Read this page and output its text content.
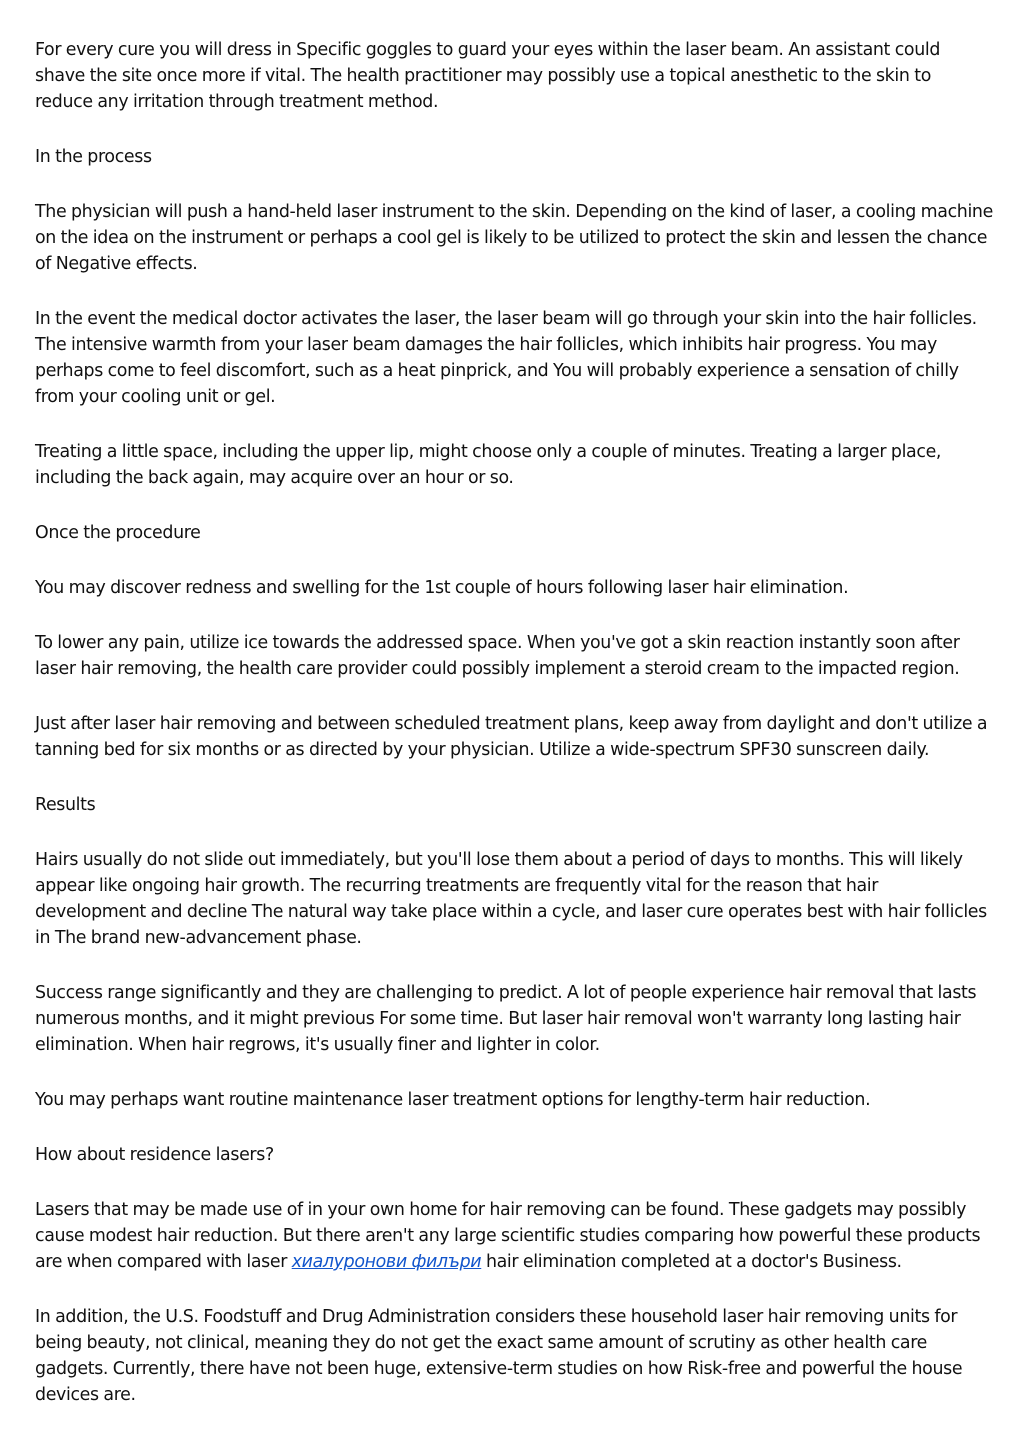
For every cure you will dress in Specific goggles to guard your eyes within the laser beam. An assistant could shave the site once more if vital. The health practitioner may possibly use a topical anesthetic to the skin to reduce any irritation through treatment method.

In the process

The physician will push a hand-held laser instrument to the skin. Depending on the kind of laser, a cooling machine on the idea on the instrument or perhaps a cool gel is likely to be utilized to protect the skin and lessen the chance of Negative effects.

In the event the medical doctor activates the laser, the laser beam will go through your skin into the hair follicles. The intensive warmth from your laser beam damages the hair follicles, which inhibits hair progress. You may perhaps come to feel discomfort, such as a heat pinprick, and You will probably experience a sensation of chilly from your cooling unit or gel.

Treating a little space, including the upper lip, might choose only a couple of minutes. Treating a larger place, including the back again, may acquire over an hour or so.

Once the procedure

You may discover redness and swelling for the 1st couple of hours following laser hair elimination.

To lower any pain, utilize ice towards the addressed space. When you've got a skin reaction instantly soon after laser hair removing, the health care provider could possibly implement a steroid cream to the impacted region.

Just after laser hair removing and between scheduled treatment plans, keep away from daylight and don't utilize a tanning bed for six months or as directed by your physician. Utilize a wide-spectrum SPF30 sunscreen daily.

Results

Hairs usually do not slide out immediately, but you'll lose them about a period of days to months. This will likely appear like ongoing hair growth. The recurring treatments are frequently vital for the reason that hair development and decline The natural way take place within a cycle, and laser cure operates best with hair follicles in The brand new-advancement phase.

Success range significantly and they are challenging to predict. A lot of people experience hair removal that lasts numerous months, and it might previous For some time. But laser hair removal won't warranty long lasting hair elimination. When hair regrows, it's usually finer and lighter in color.

You may perhaps want routine maintenance laser treatment options for lengthy-term hair reduction.

How about residence lasers?

Lasers that may be made use of in your own home for hair removing can be found. These gadgets may possibly cause modest hair reduction. But there aren't any large scientific studies comparing how powerful these products are when compared with laser хиалуронови филъри hair elimination completed at a doctor's Business.

In addition, the U.S. Foodstuff and Drug Administration considers these household laser hair removing units for being beauty, not clinical, meaning they do not get the exact same amount of scrutiny as other health care gadgets. Currently, there have not been huge, extensive-term studies on how Risk-free and powerful the house devices are.
